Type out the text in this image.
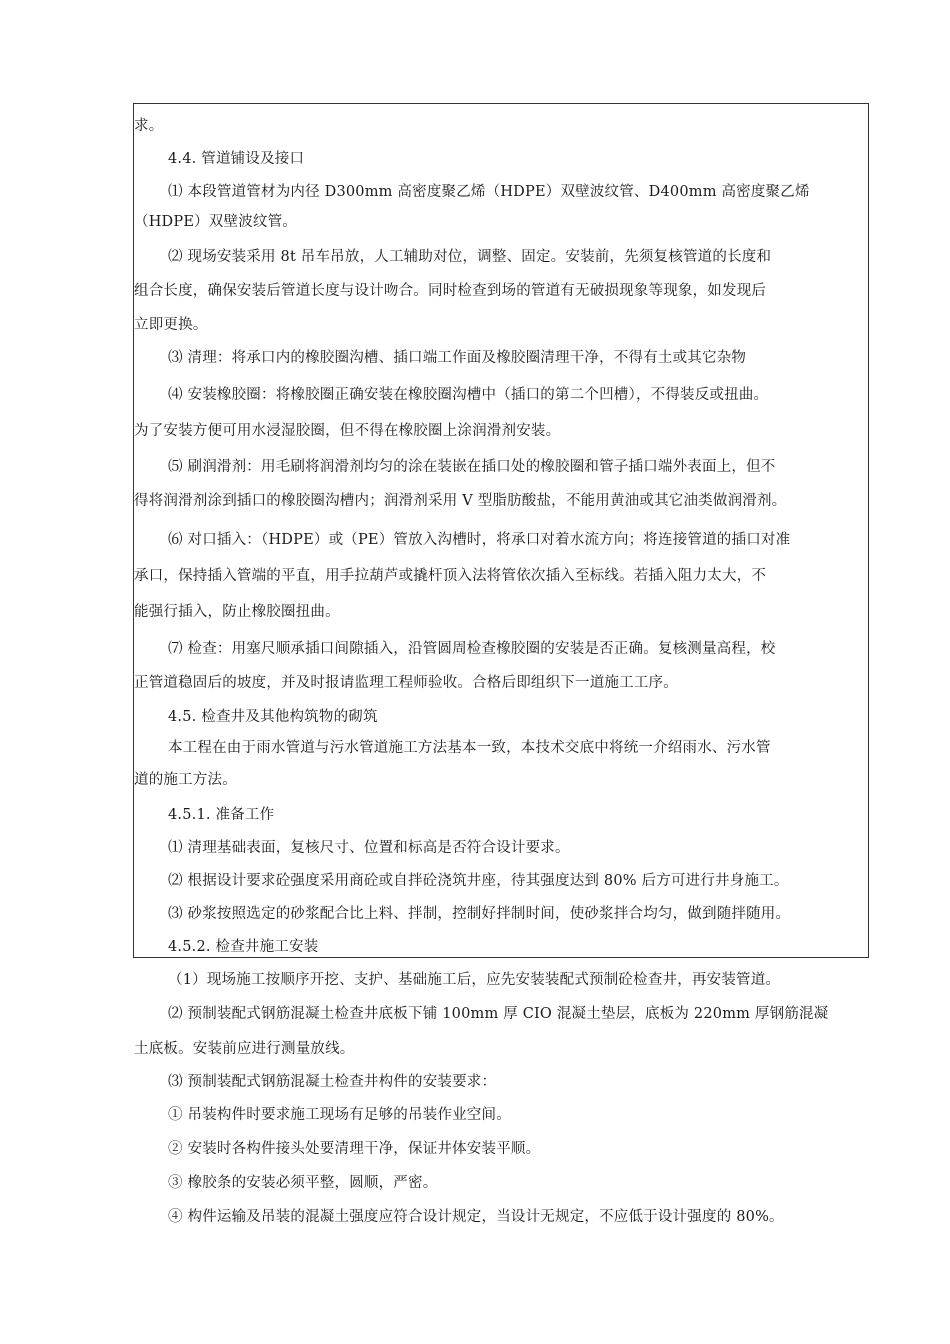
求。
4.4. 管道铺设及接口
⑴ 本段管道管材为内径 D300mm 高密度聚乙烯（HDPE）双壁波纹管、D400mm 高密度聚乙烯
（HDPE）双壁波纹管。
⑵ 现场安装采用 8t 吊车吊放，人工辅助对位，调整、固定。安装前，先须复核管道的长度和
组合长度，确保安装后管道长度与设计吻合。同时检查到场的管道有无破损现象等现象，如发现后
立即更换。
⑶ 清理：将承口内的橡胶圈沟槽、插口端工作面及橡胶圈清理干净，不得有土或其它杂物
⑷ 安装橡胶圈：将橡胶圈正确安装在橡胶圈沟槽中（插口的第二个凹槽），不得装反或扭曲。
为了安装方便可用水浸湿胶圈，但不得在橡胶圈上涂润滑剂安装。
⑸ 刷润滑剂：用毛刷将润滑剂均匀的涂在装嵌在插口处的橡胶圈和管子插口端外表面上，但不
得将润滑剂涂到插口的橡胶圈沟槽内；润滑剂采用 V 型脂肪酸盐，不能用黄油或其它油类做润滑剂。
⑹ 对口插入：（HDPE）或（PE）管放入沟槽时，将承口对着水流方向；将连接管道的插口对准
承口，保持插入管端的平直，用手拉葫芦或撬杆顶入法将管依次插入至标线。若插入阻力太大，不
能强行插入，防止橡胶圈扭曲。
⑺ 检查：用塞尺顺承插口间隙插入，沿管圆周检查橡胶圈的安装是否正确。复核测量高程，校
正管道稳固后的坡度，并及时报请监理工程师验收。合格后即组织下一道施工工序。
4.5. 检查井及其他构筑物的砌筑
本工程在由于雨水管道与污水管道施工方法基本一致，本技术交底中将统一介绍雨水、污水管
道的施工方法。
4.5.1. 准备工作
⑴ 清理基础表面，复核尺寸、位置和标高是否符合设计要求。
⑵ 根据设计要求砼强度采用商砼或自拌砼浇筑井座，待其强度达到 80% 后方可进行井身施工。
⑶ 砂浆按照选定的砂浆配合比上料、拌制，控制好拌制时间，使砂浆拌合均匀，做到随拌随用。
4.5.2. 检查井施工安装
（1）现场施工按顺序开挖、支护、基础施工后，应先安装装配式预制砼检查井，再安装管道。
⑵ 预制装配式钢筋混凝土检查井底板下铺 100mm 厚 CIO 混凝土垫层，底板为 220mm 厚钢筋混凝
土底板。安装前应进行测量放线。
⑶ 预制装配式钢筋混凝土检查井构件的安装要求：
① 吊装构件时要求施工现场有足够的吊装作业空间。
② 安装时各构件接头处要清理干净，保证井体安装平顺。
③ 橡胶条的安装必须平整，圆顺，严密。
④ 构件运输及吊装的混凝土强度应符合设计规定，当设计无规定，不应低于设计强度的 80%。
